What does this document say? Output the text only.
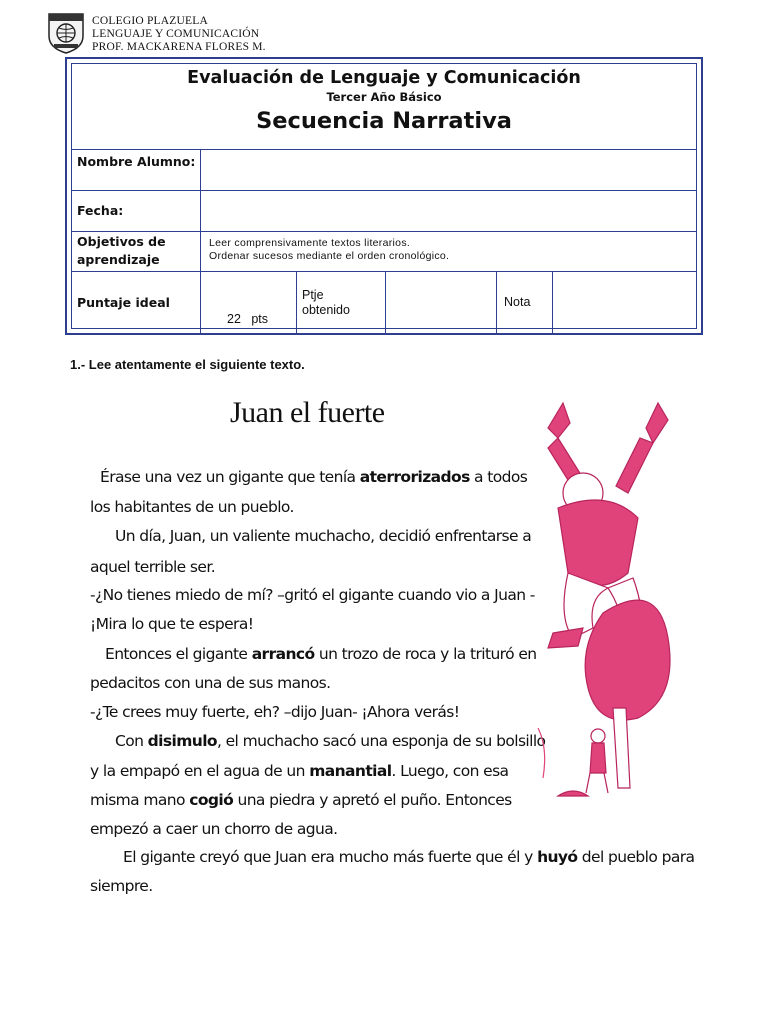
COLEGIO PLAZUELA
LENGUAJE Y COMUNICACIÓN
PROF. MACKARENA FLORES M.
Evaluación de Lenguaje y Comunicación
Tercer Año Básico
Secuencia Narrativa
Nombre Alumno:
Fecha:
Objetivos de aprendizaje
Leer comprensivamente textos literarios.
Ordenar sucesos mediante el orden cronológico.
Puntaje ideal
22 pts
Ptje obtenido
Nota
1.- Lee atentamente el siguiente texto.
Juan el fuerte
Érase una vez un gigante que tenía aterrorizados a todos
los habitantes de un pueblo.
Un día, Juan, un valiente muchacho, decidió enfrentarse a
aquel terrible ser.
-¿No tienes miedo de mí? –gritó el gigante cuando vio a Juan -
¡Mira lo que te espera!
Entonces el gigante arrancó un trozo de roca y la trituró en
pedacitos con una de sus manos.
-¿Te crees muy fuerte, eh? –dijo Juan- ¡Ahora verás!
Con disimulo, el muchacho sacó una esponja de su bolsillo
y la empapó en el agua de un manantial. Luego, con esa
misma mano cogió una piedra y apretó el puño. Entonces
empezó a caer un chorro de agua.
El gigante creyó que Juan era mucho más fuerte que él y huyó del pueblo para
siempre.
